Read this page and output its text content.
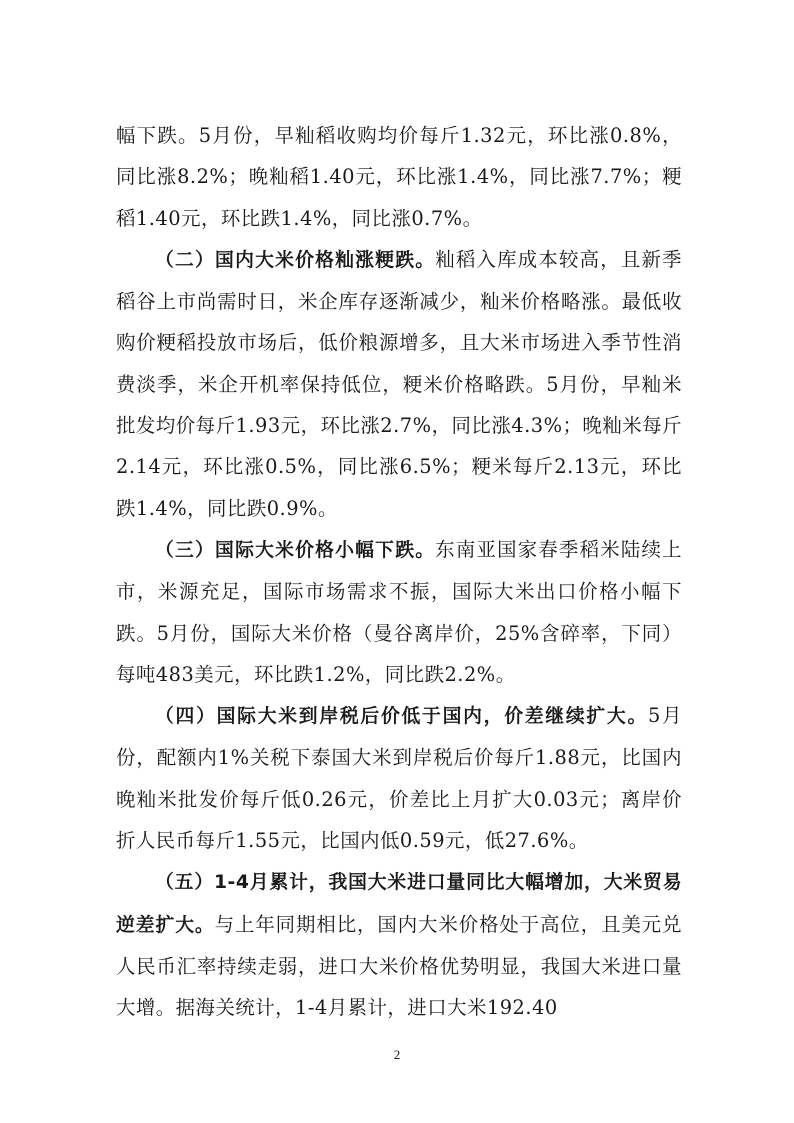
幅下跌。5月份，早籼稻收购均价每斤1.32元，环比涨0.8%，同比涨8.2%；晚籼稻1.40元，环比涨1.4%，同比涨7.7%；粳稻1.40元，环比跌1.4%，同比涨0.7%。

（二）国内大米价格籼涨粳跌。籼稻入库成本较高，且新季稻谷上市尚需时日，米企库存逐渐减少，籼米价格略涨。最低收购价粳稻投放市场后，低价粮源增多，且大米市场进入季节性消费淡季，米企开机率保持低位，粳米价格略跌。5月份，早籼米批发均价每斤1.93元，环比涨2.7%，同比涨4.3%；晚籼米每斤2.14元，环比涨0.5%，同比涨6.5%；粳米每斤2.13元，环比跌1.4%，同比跌0.9%。

（三）国际大米价格小幅下跌。东南亚国家春季稻米陆续上市，米源充足，国际市场需求不振，国际大米出口价格小幅下跌。5月份，国际大米价格（曼谷离岸价，25%含碎率，下同）每吨483美元，环比跌1.2%，同比跌2.2%。

（四）国际大米到岸税后价低于国内，价差继续扩大。5月份，配额内1%关税下泰国大米到岸税后价每斤1.88元，比国内晚籼米批发价每斤低0.26元，价差比上月扩大0.03元；离岸价折人民币每斤1.55元，比国内低0.59元，低27.6%。

（五）1-4月累计，我国大米进口量同比大幅增加，大米贸易逆差扩大。与上年同期相比，国内大米价格处于高位，且美元兑人民币汇率持续走弱，进口大米价格优势明显，我国大米进口量大增。据海关统计，1-4月累计，进口大米192.40

2
